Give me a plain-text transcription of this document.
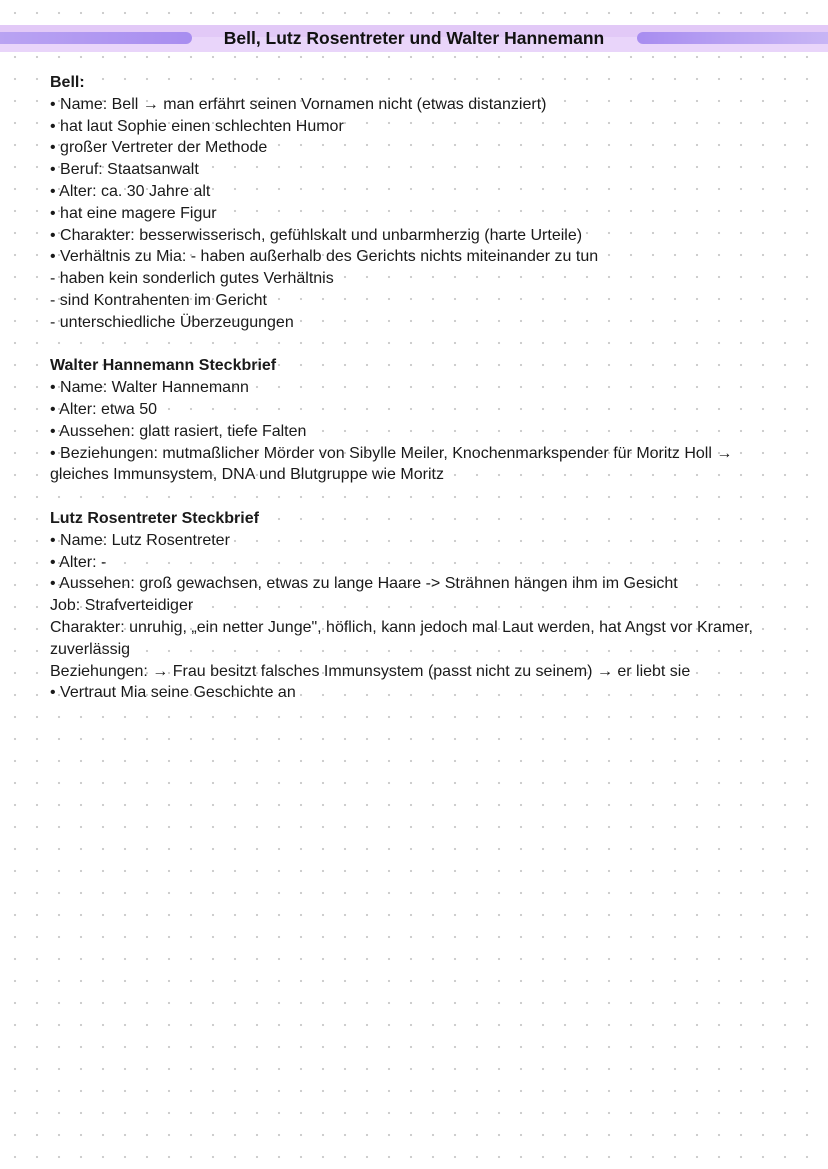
Bell, Lutz Rosentreter und Walter Hannemann
Bell:
• Name: Bell → man erfährt seinen Vornamen nicht (etwas distanziert)
• hat laut Sophie einen schlechten Humor
• großer Vertreter der Methode
• Beruf: Staatsanwalt
• Alter: ca. 30 Jahre alt
• hat eine magere Figur
• Charakter: besserwisserisch, gefühlskalt und unbarmherzig (harte Urteile)
• Verhältnis zu Mia: - haben außerhalb des Gerichts nichts miteinander zu tun
- haben kein sonderlich gutes Verhältnis
- sind Kontrahenten im Gericht
- unterschiedliche Überzeugungen
Walter Hannemann Steckbrief
• Name: Walter Hannemann
• Alter: etwa 50
• Aussehen: glatt rasiert, tiefe Falten
• Beziehungen: mutmaßlicher Mörder von Sibylle Meiler, Knochenmarkspender für Moritz Holl → gleiches Immunsystem, DNA und Blutgruppe wie Moritz
Lutz Rosentreter Steckbrief
• Name: Lutz Rosentreter
• Alter: -
• Aussehen: groß gewachsen, etwas zu lange Haare -> Strähnen hängen ihm im Gesicht
Job: Strafverteidiger
Charakter: unruhig, „ein netter Junge", höflich, kann jedoch mal Laut werden, hat Angst vor Kramer, zuverlässig
Beziehungen: → Frau besitzt falsches Immunsystem (passt nicht zu seinem) → er liebt sie
• Vertraut Mia seine Geschichte an
